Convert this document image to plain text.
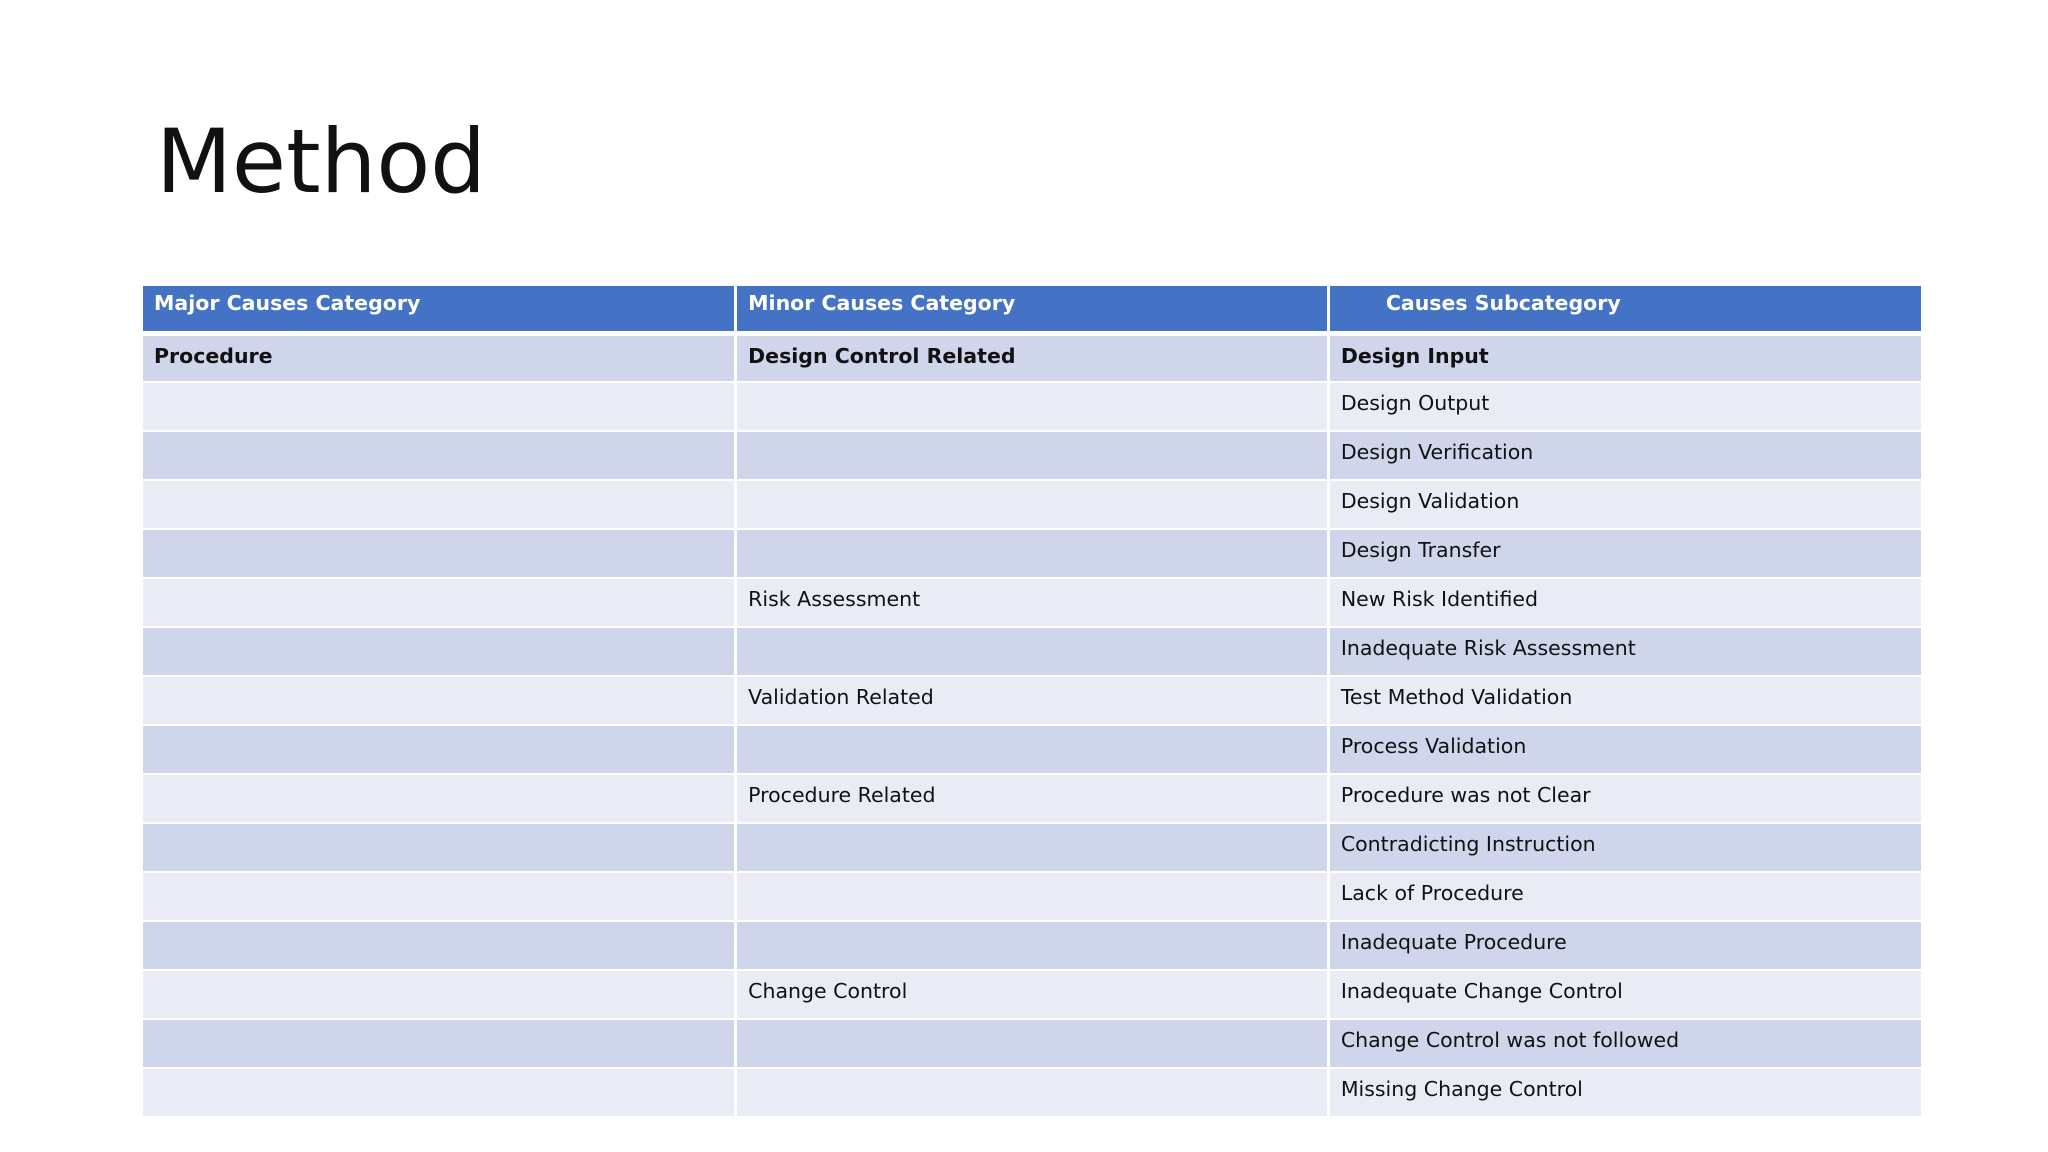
Method
Major Causes Category	Minor Causes Category	Causes Subcategory
Procedure	Design Control Related	Design Input
		Design Output
		Design Verification
		Design Validation
		Design Transfer
	Risk Assessment	New Risk Identified
		Inadequate Risk Assessment
	Validation Related	Test Method Validation
		Process Validation
	Procedure Related	Procedure was not Clear
		Contradicting Instruction
		Lack of Procedure
		Inadequate Procedure
	Change Control	Inadequate Change Control
		Change Control was not followed
		Missing Change Control
